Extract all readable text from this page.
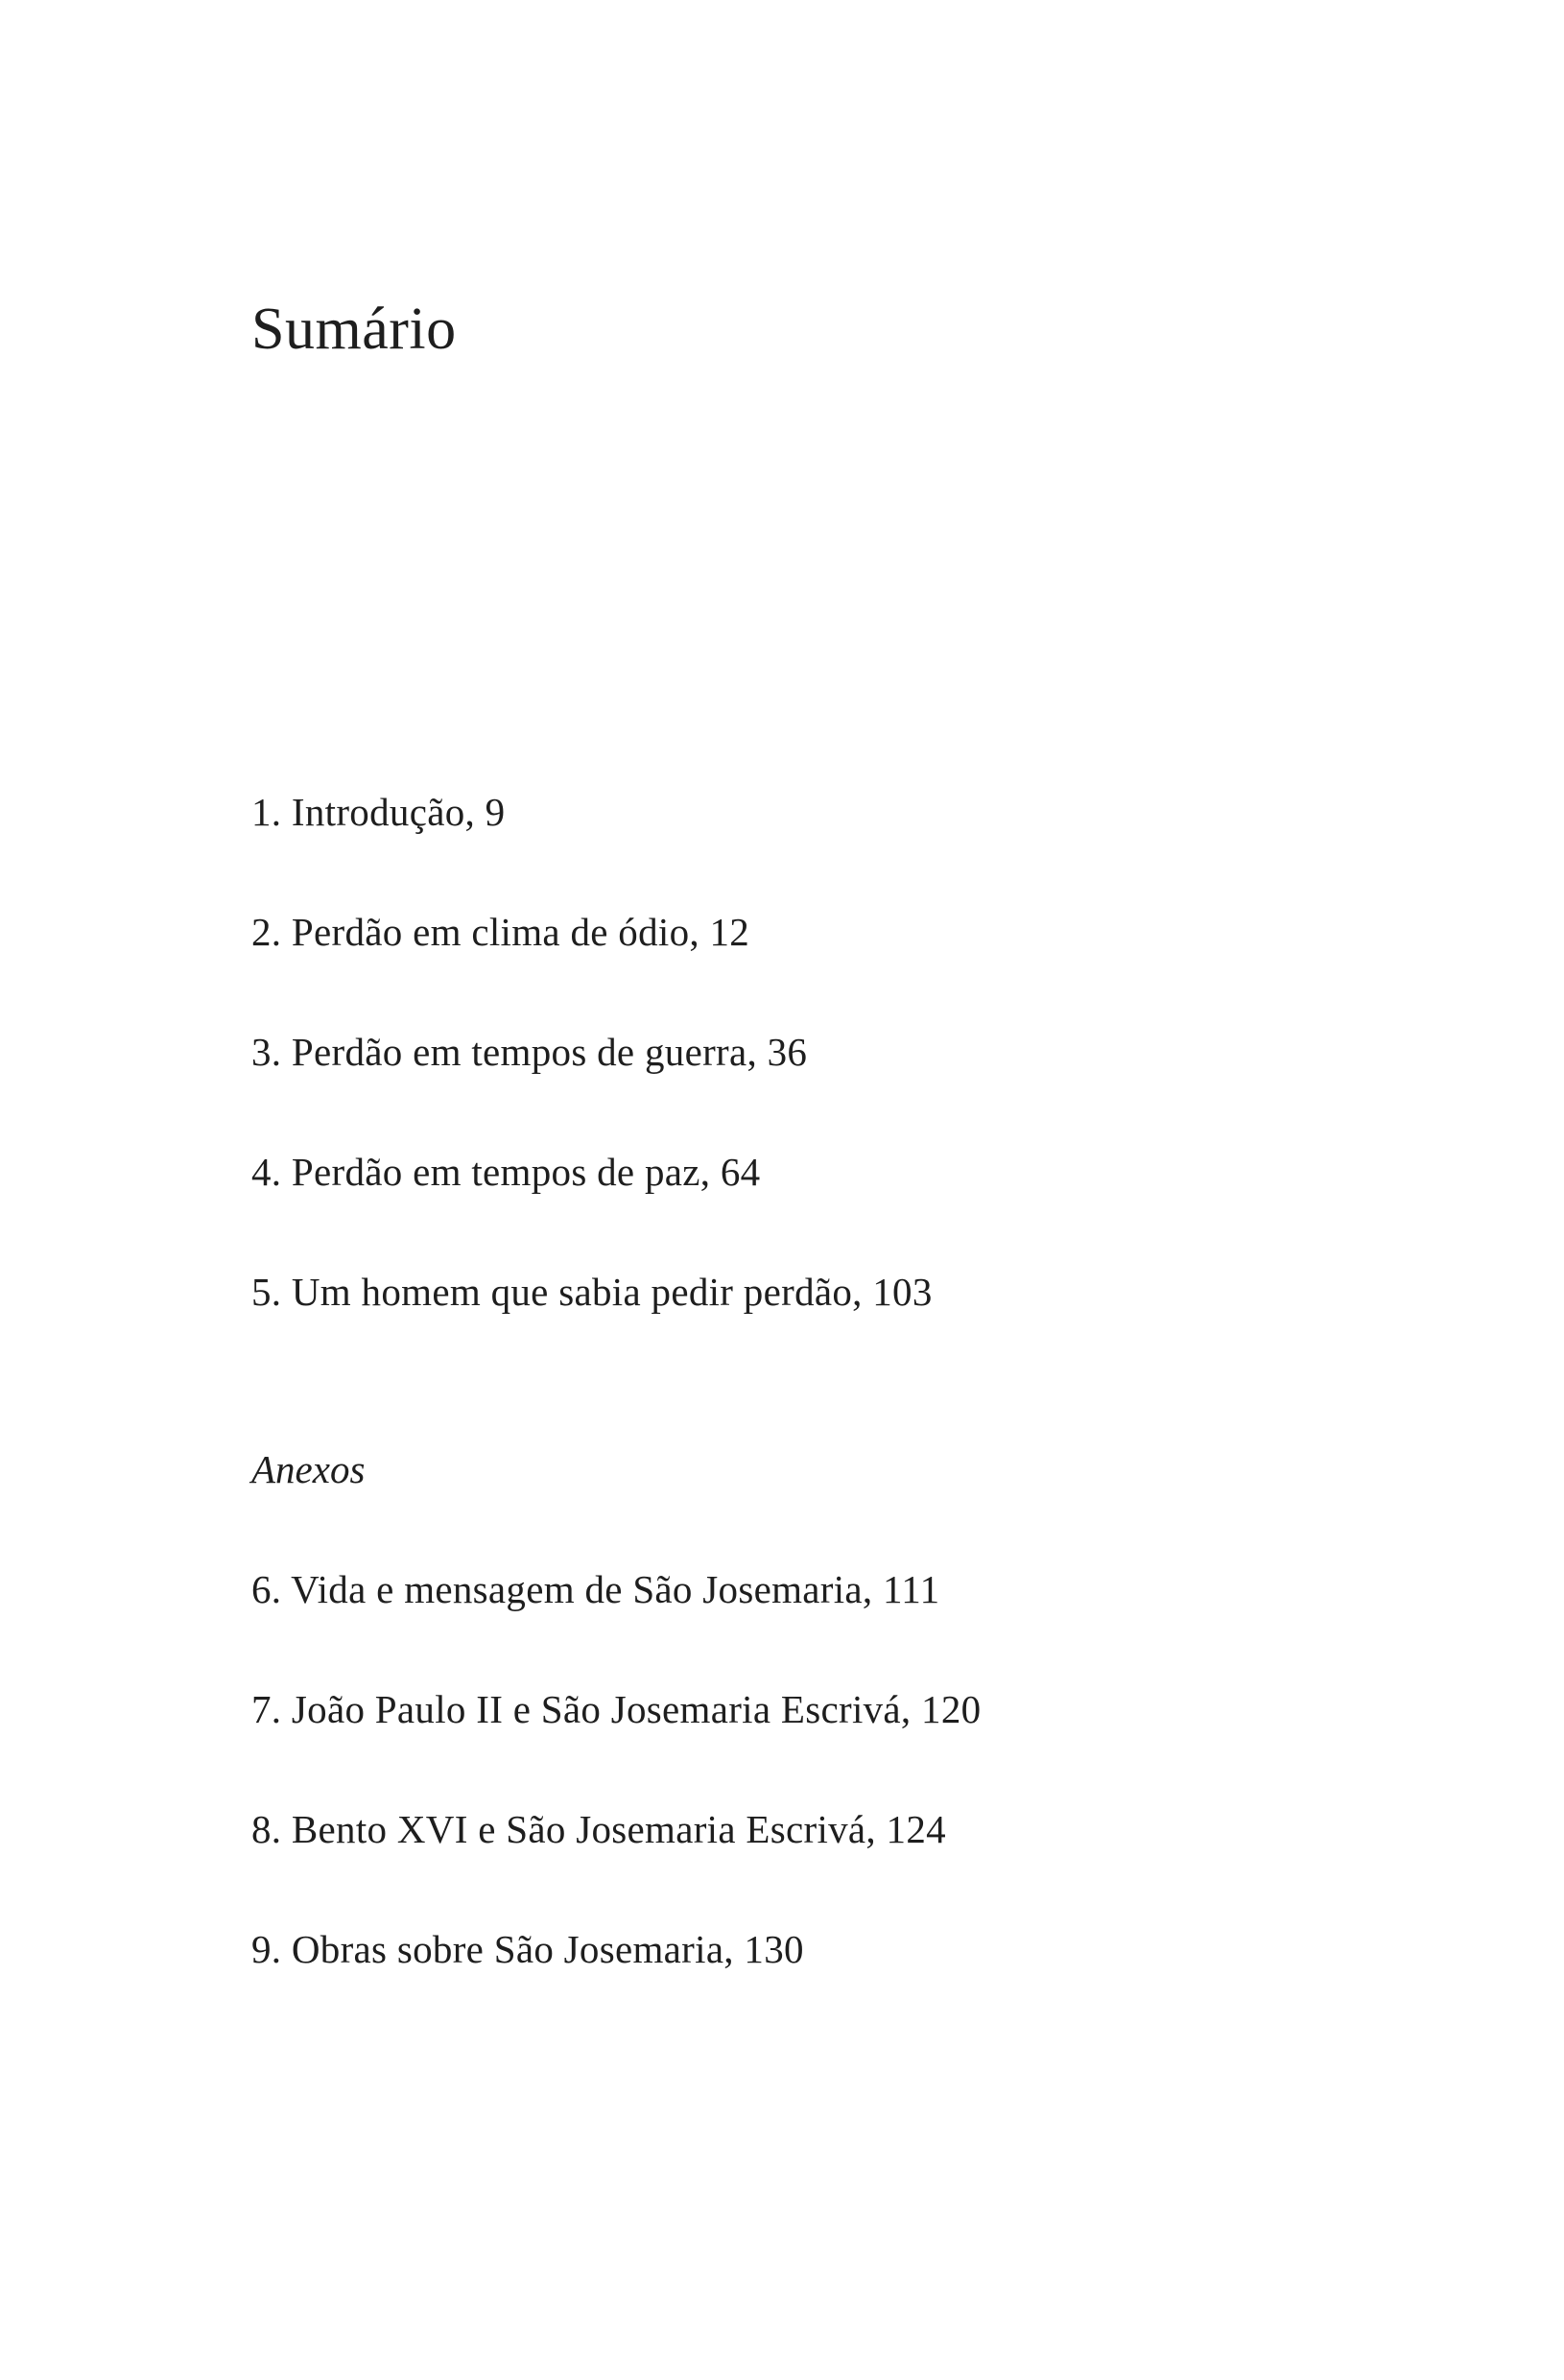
Sumário
1. Introdução, 9
2. Perdão em clima de ódio, 12
3. Perdão em tempos de guerra, 36
4. Perdão em tempos de paz, 64
5. Um homem que sabia pedir perdão, 103
Anexos
6. Vida e mensagem de São Josemaria, 111
7. João Paulo II e São Josemaria Escrivá, 120
8. Bento XVI e São Josemaria Escrivá, 124
9. Obras sobre São Josemaria, 130
